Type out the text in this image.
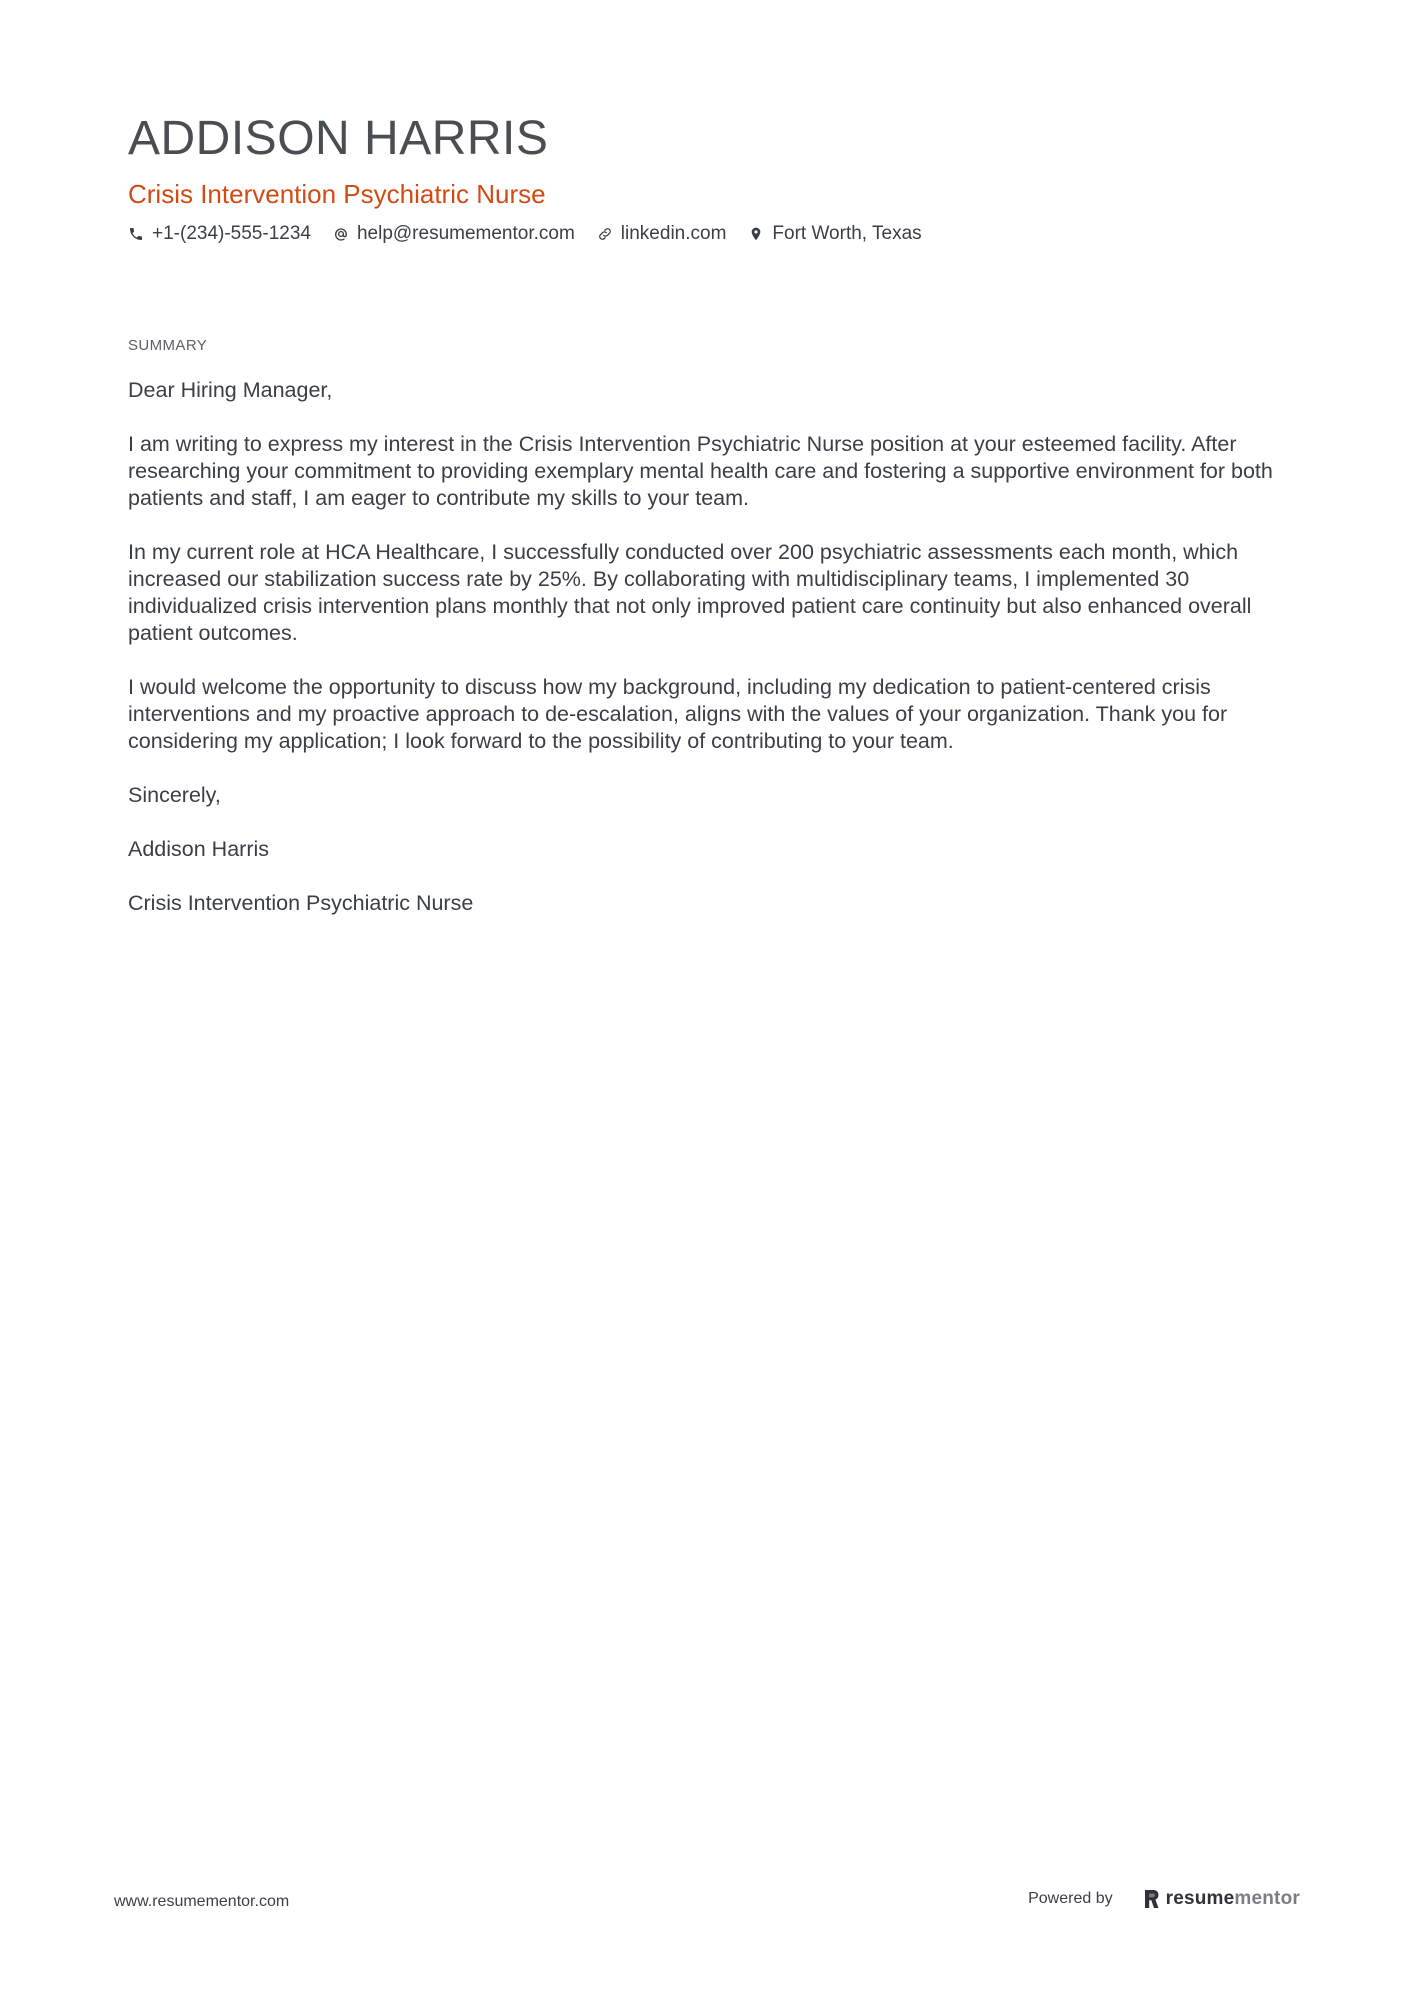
ADDISON HARRIS
Crisis Intervention Psychiatric Nurse
+1-(234)-555-1234 help@resumementor.com linkedin.com Fort Worth, Texas
SUMMARY

Dear Hiring Manager,

I am writing to express my interest in the Crisis Intervention Psychiatric Nurse position at your esteemed facility. After researching your commitment to providing exemplary mental health care and fostering a supportive environment for both patients and staff, I am eager to contribute my skills to your team.

In my current role at HCA Healthcare, I successfully conducted over 200 psychiatric assessments each month, which increased our stabilization success rate by 25%. By collaborating with multidisciplinary teams, I implemented 30 individualized crisis intervention plans monthly that not only improved patient care continuity but also enhanced overall patient outcomes.

I would welcome the opportunity to discuss how my background, including my dedication to patient-centered crisis interventions and my proactive approach to de-escalation, aligns with the values of your organization. Thank you for considering my application; I look forward to the possibility of contributing to your team.

Sincerely,

Addison Harris

Crisis Intervention Psychiatric Nurse

www.resumementor.com	Powered by	resumementor
